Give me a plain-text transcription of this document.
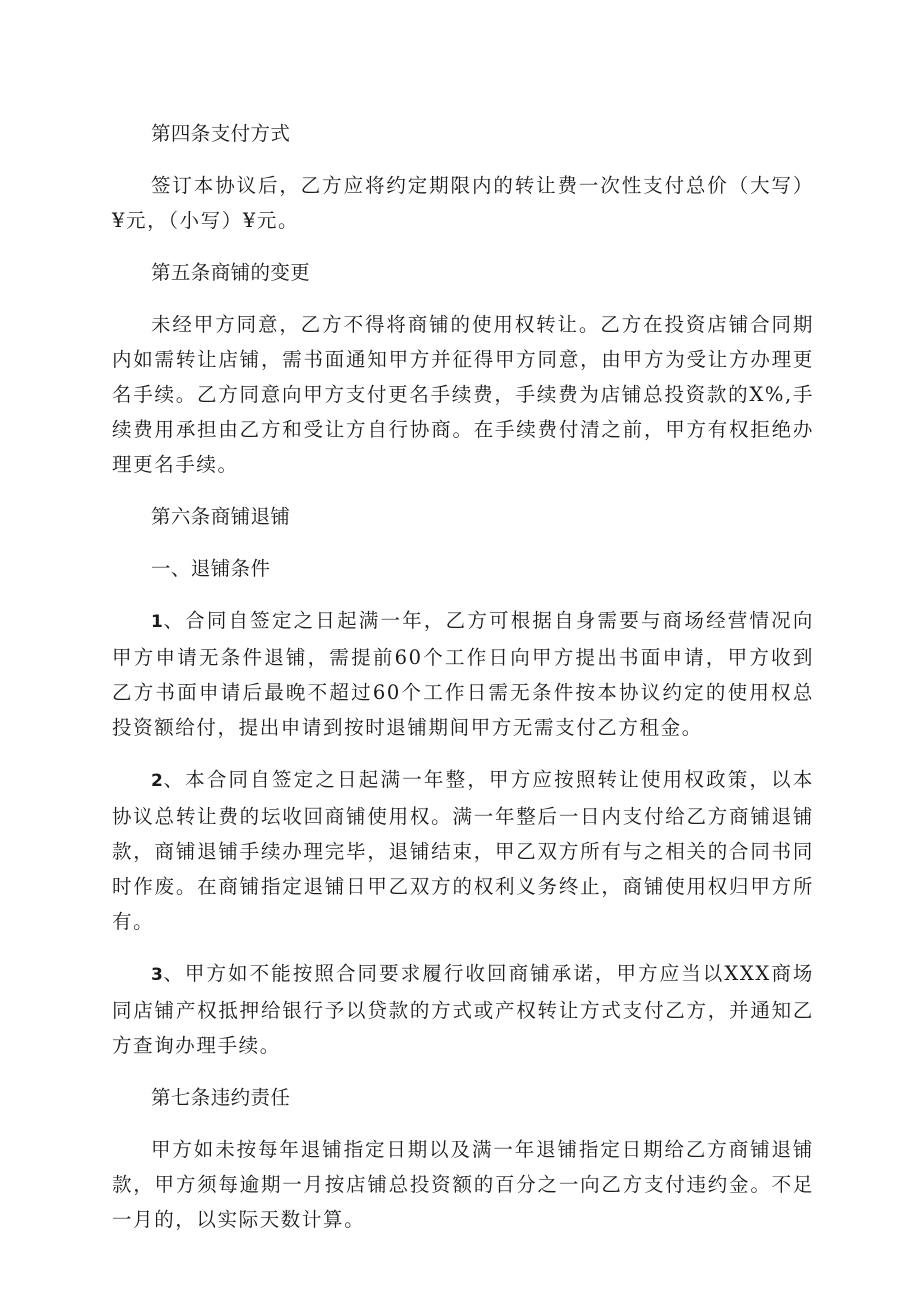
第四条支付方式

签订本协议后，乙方应将约定期限内的转让费一次性支付总价（大写）¥元，（小写）¥元。

第五条商铺的变更

未经甲方同意，乙方不得将商铺的使用权转让。乙方在投资店铺合同期内如需转让店铺，需书面通知甲方并征得甲方同意，由甲方为受让方办理更名手续。乙方同意向甲方支付更名手续费，手续费为店铺总投资款的X%,手续费用承担由乙方和受让方自行协商。在手续费付清之前，甲方有权拒绝办理更名手续。

第六条商铺退铺

一、退铺条件

1、合同自签定之日起满一年，乙方可根据自身需要与商场经营情况向甲方申请无条件退铺，需提前60个工作日向甲方提出书面申请，甲方收到乙方书面申请后最晚不超过60个工作日需无条件按本协议约定的使用权总投资额给付，提出申请到按时退铺期间甲方无需支付乙方租金。

2、本合同自签定之日起满一年整，甲方应按照转让使用权政策，以本协议总转让费的坛收回商铺使用权。满一年整后一日内支付给乙方商铺退铺款，商铺退铺手续办理完毕，退铺结束，甲乙双方所有与之相关的合同书同时作废。在商铺指定退铺日甲乙双方的权利义务终止，商铺使用权归甲方所有。

3、甲方如不能按照合同要求履行收回商铺承诺，甲方应当以XXX商场同店铺产权抵押给银行予以贷款的方式或产权转让方式支付乙方，并通知乙方查询办理手续。

第七条违约责任

甲方如未按每年退铺指定日期以及满一年退铺指定日期给乙方商铺退铺款，甲方须每逾期一月按店铺总投资额的百分之一向乙方支付违约金。不足一月的，以实际天数计算。
